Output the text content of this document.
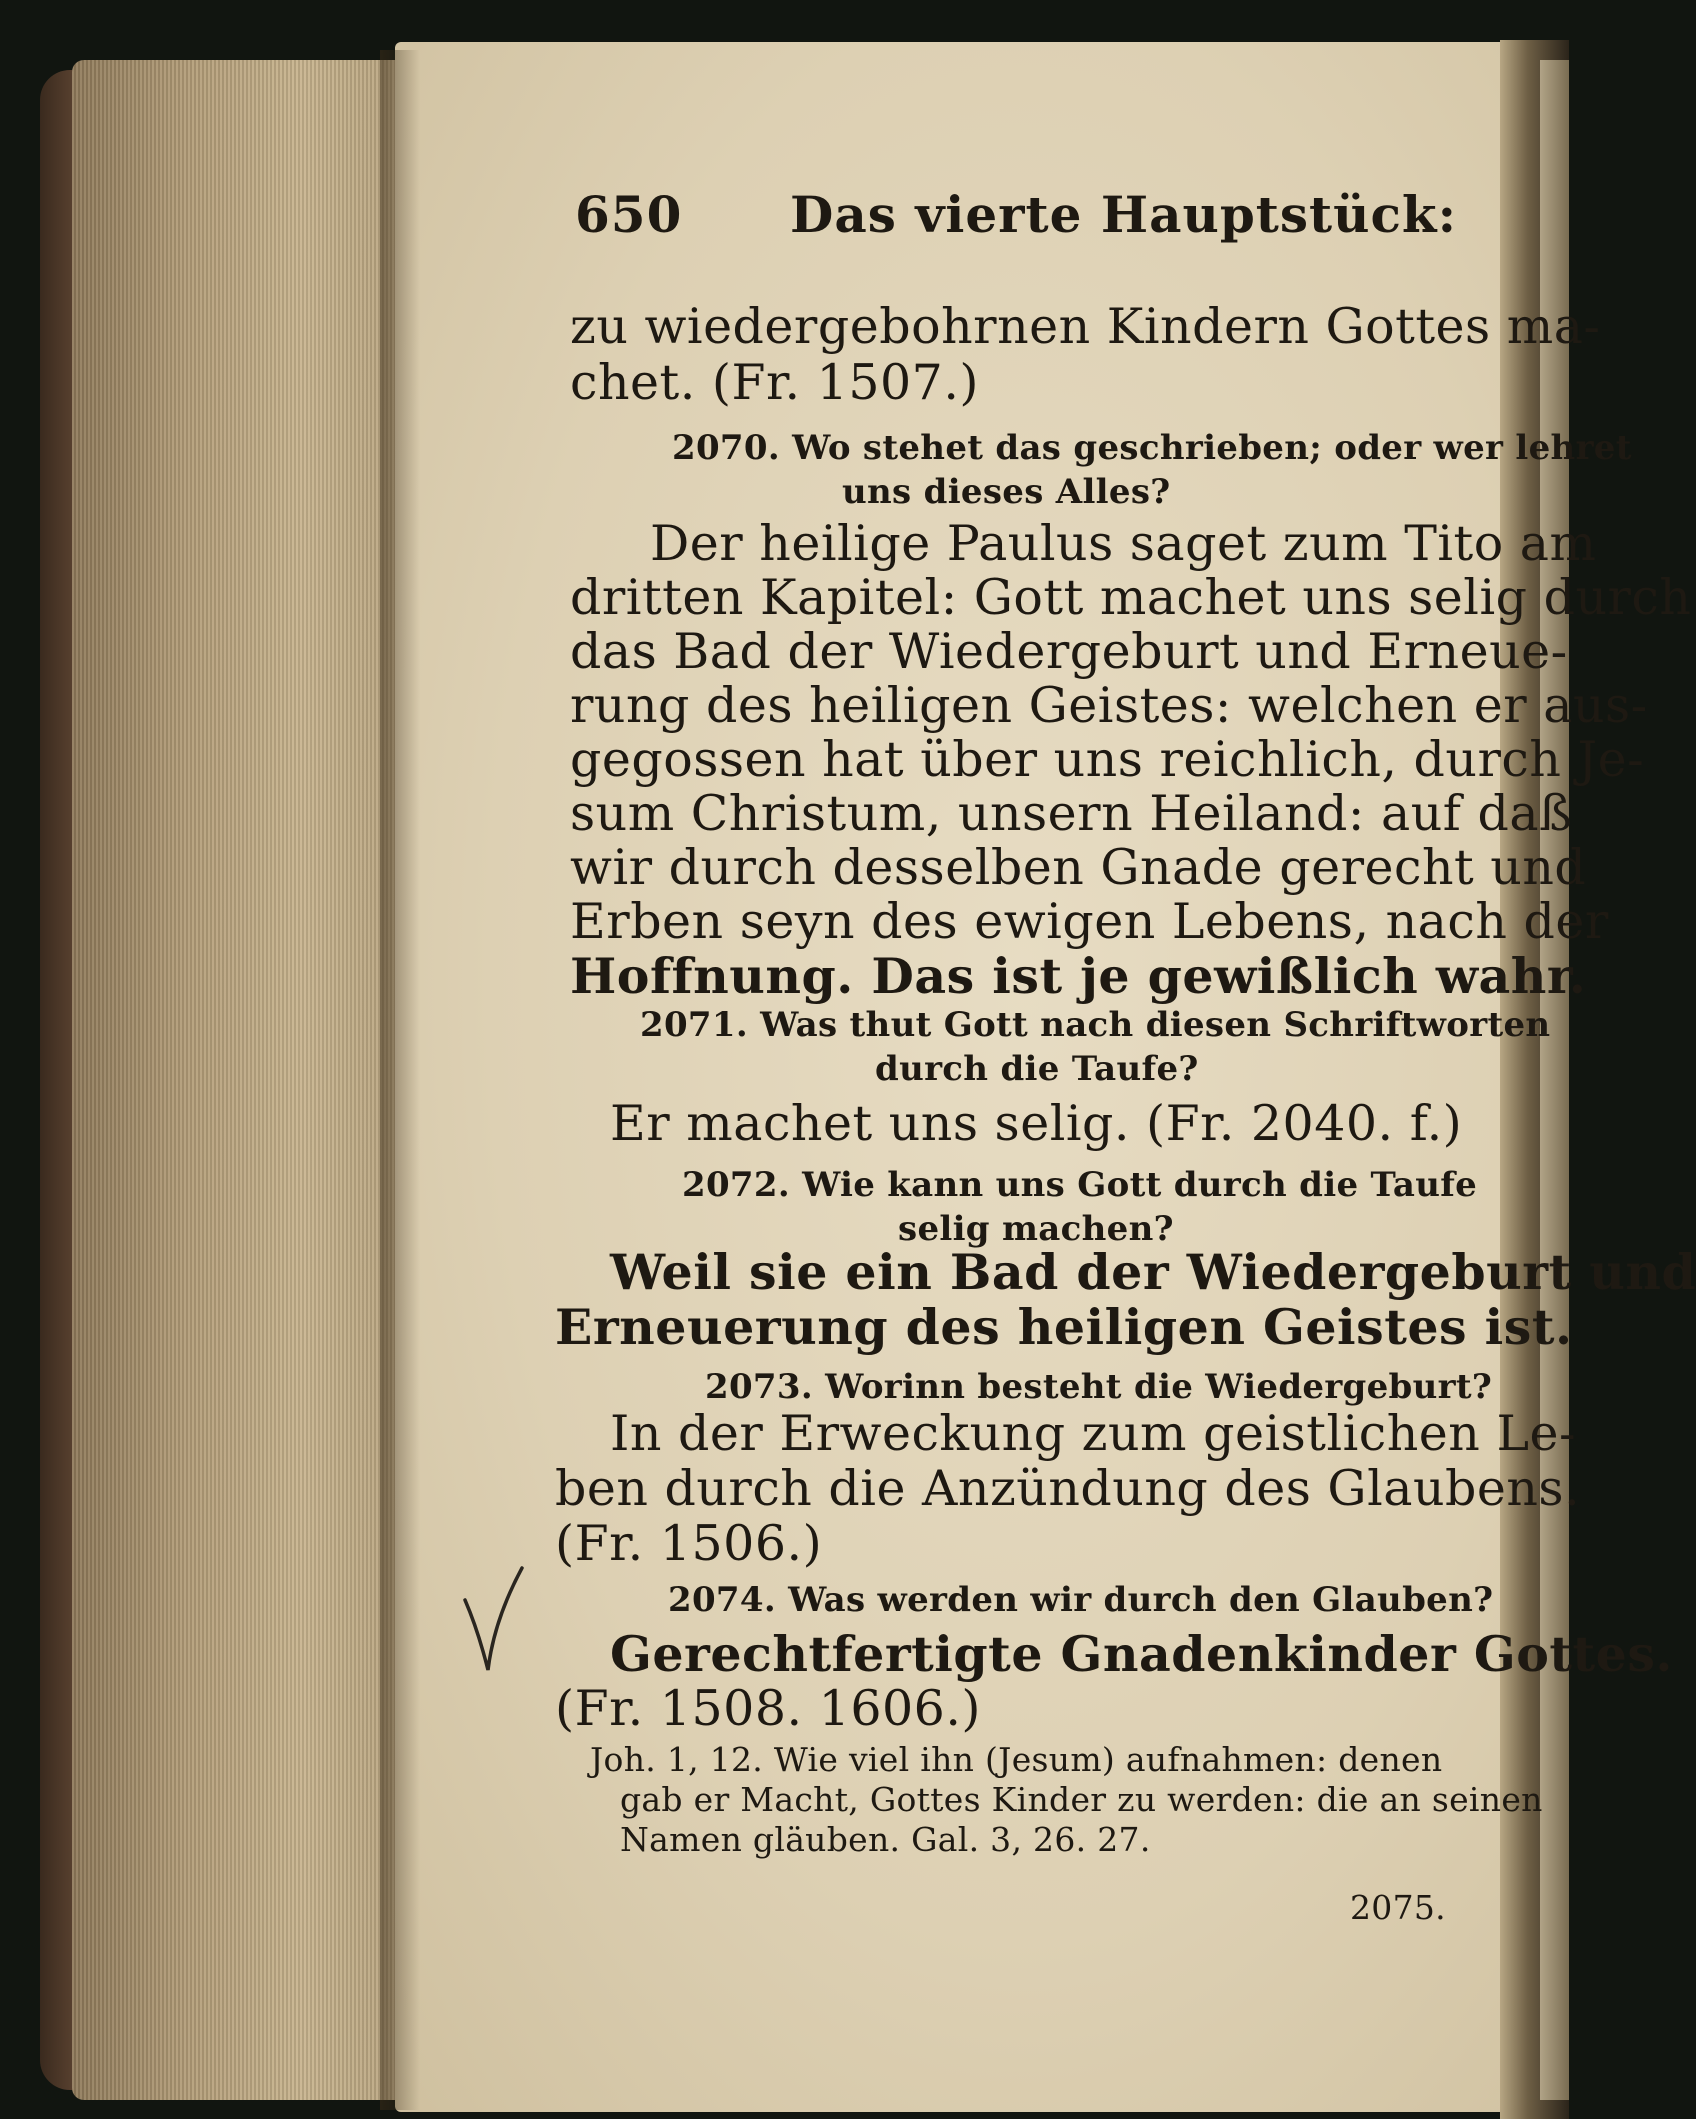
650 Das vierte Hauptstück:
zu wiedergebohrnen Kindern Gottes ma-
chet. (Fr. 1507.)
2070. Wo stehet das geschrieben; oder wer lehret
uns dieses Alles?
Der heilige Paulus saget zum Tito am
dritten Kapitel: Gott machet uns selig durch
das Bad der Wiedergeburt und Erneue-
rung des heiligen Geistes: welchen er aus-
gegossen hat über uns reichlich, durch Je-
sum Christum, unsern Heiland: auf daß
wir durch desselben Gnade gerecht und
Erben seyn des ewigen Lebens, nach der
Hoffnung. Das ist je gewißlich wahr.
2071. Was thut Gott nach diesen Schriftworten
durch die Taufe?
Er machet uns selig. (Fr. 2040. f.)
2072. Wie kann uns Gott durch die Taufe
selig machen?
Weil sie ein Bad der Wiedergeburt und
Erneuerung des heiligen Geistes ist.
2073. Worinn besteht die Wiedergeburt?
In der Erweckung zum geistlichen Le-
ben durch die Anzündung des Glaubens.
(Fr. 1506.)
2074. Was werden wir durch den Glauben?
Gerechtfertigte Gnadenkinder Gottes.
(Fr. 1508. 1606.)
Joh. 1, 12. Wie viel ihn (Jesum) aufnahmen: denen
gab er Macht, Gottes Kinder zu werden: die an seinen
Namen gläuben. Gal. 3, 26. 27.
2075.
